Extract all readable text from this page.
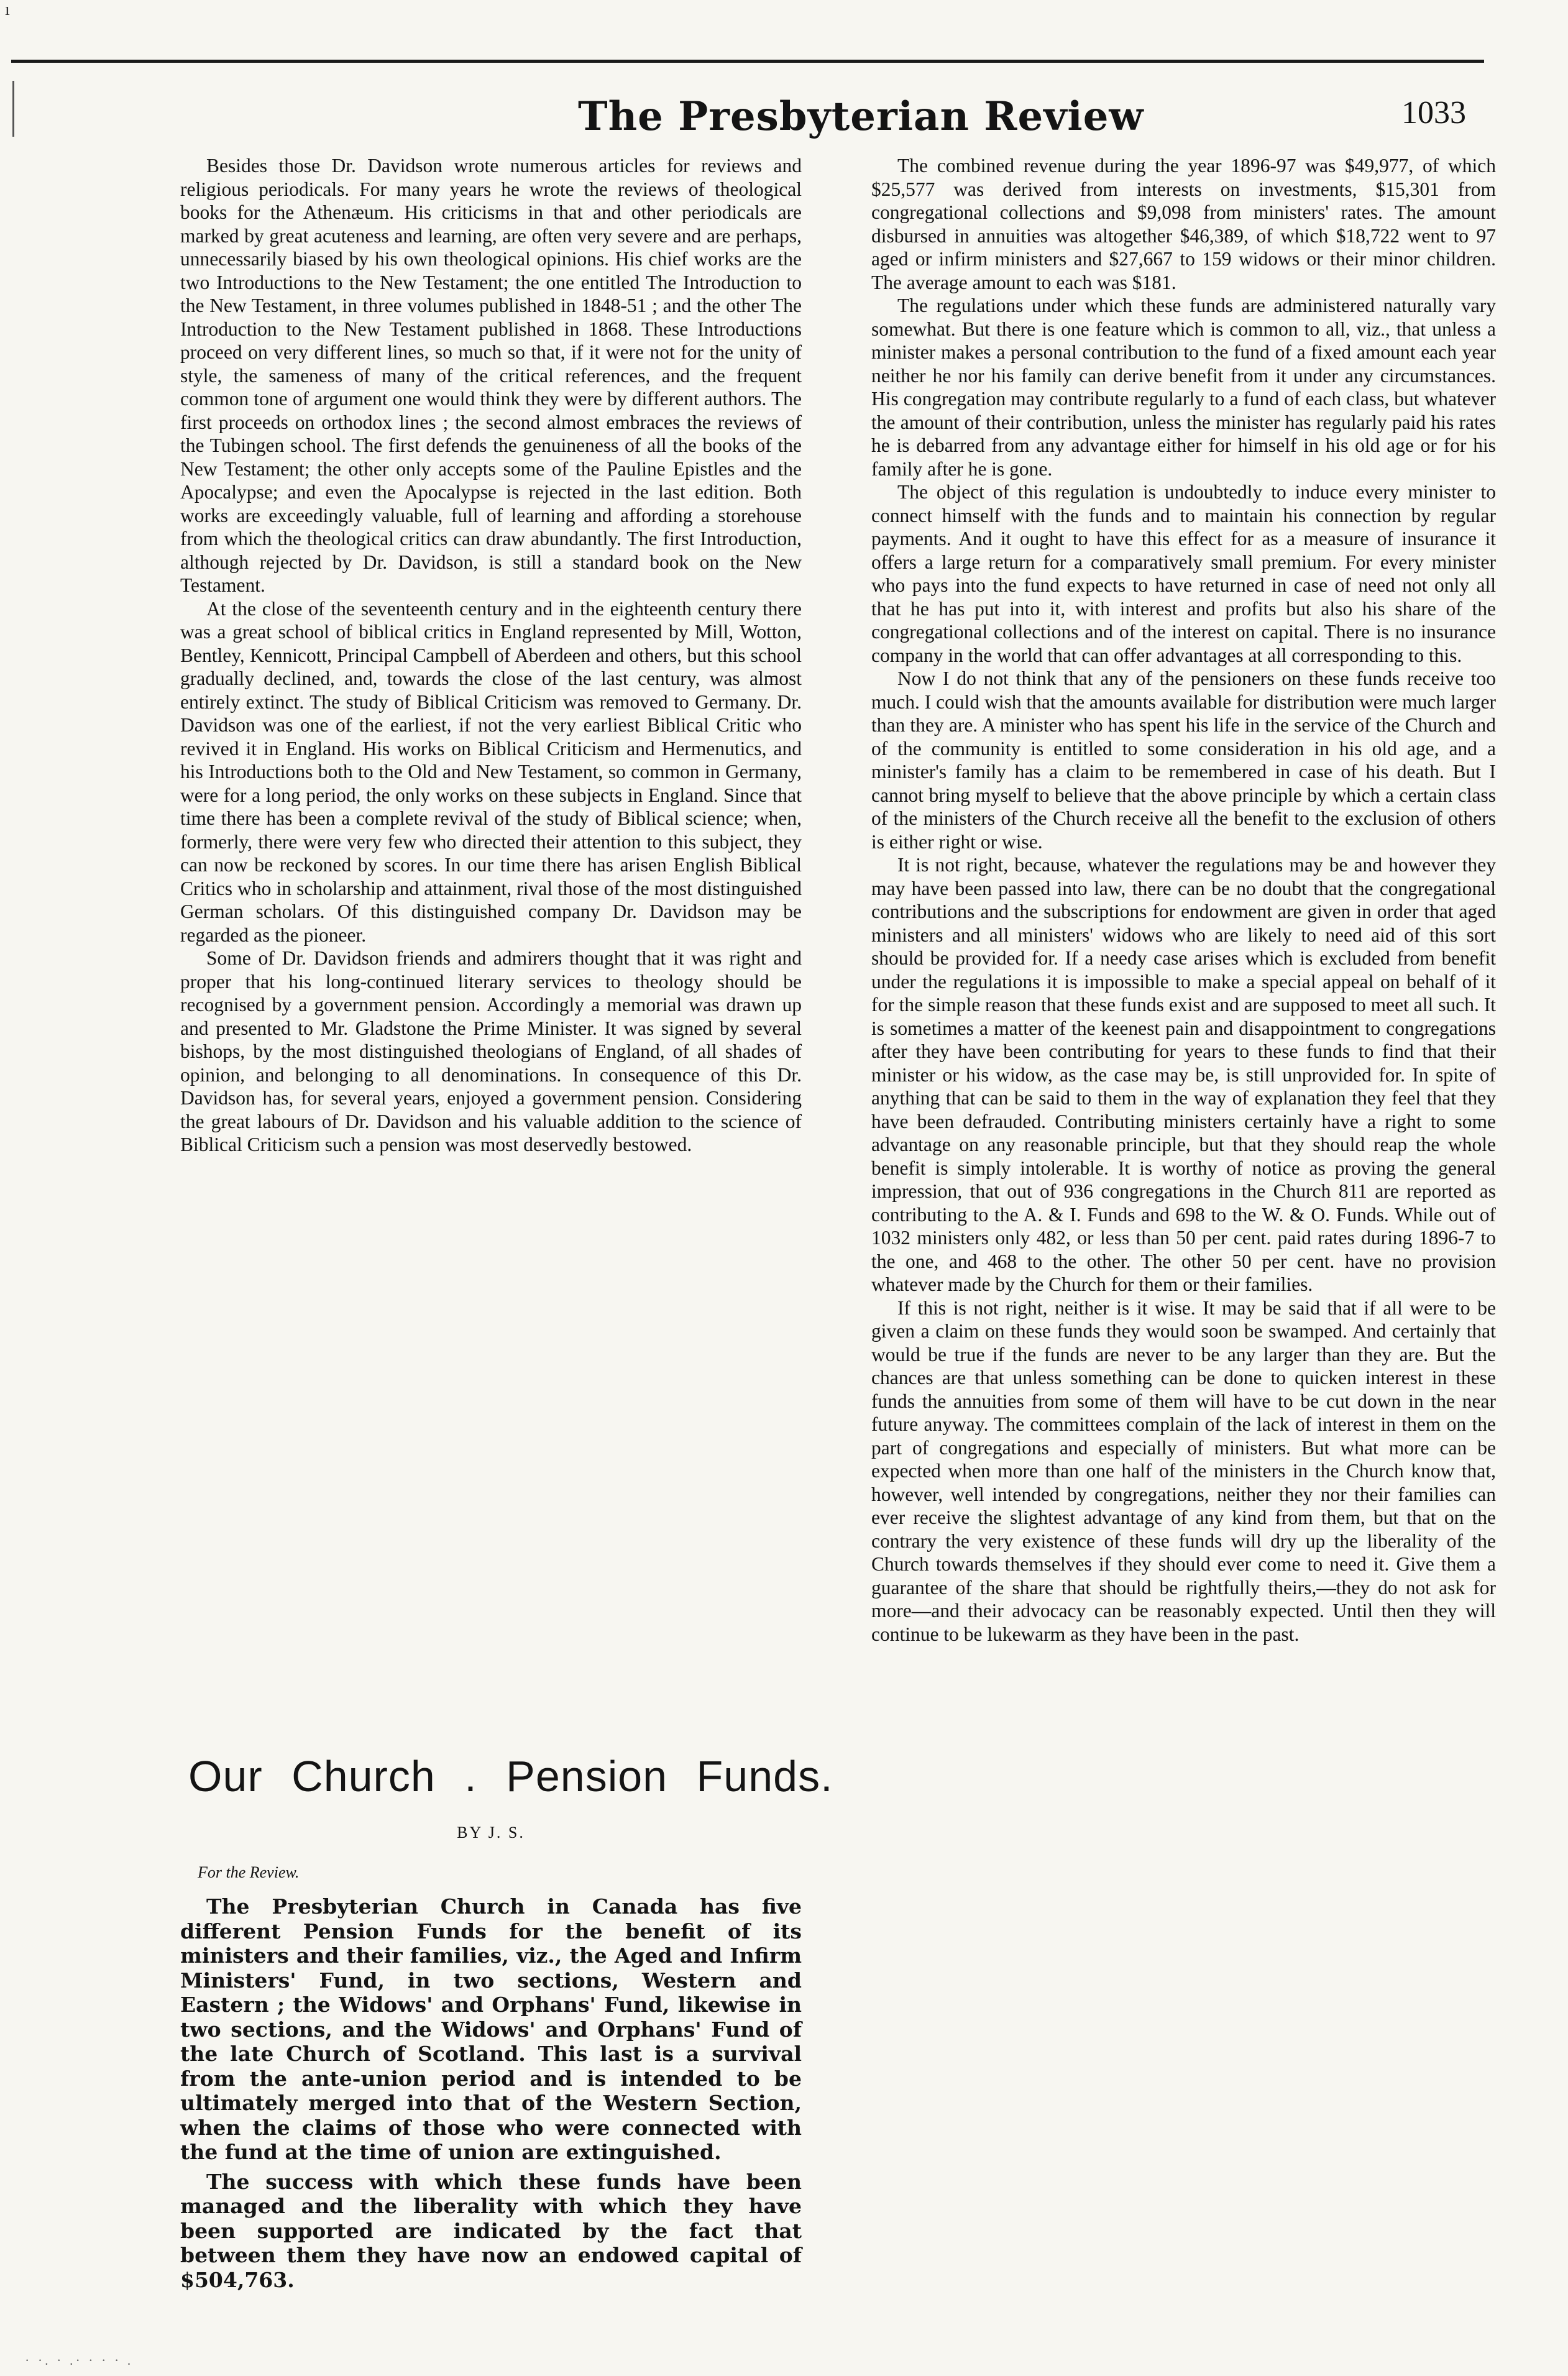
ı
The Presbyterian Review	1033

Besides those Dr. Davidson wrote numerous articles for reviews and religious periodicals. For many years he wrote the reviews of theological books for the Athenæum. His criticisms in that and other periodicals are marked by great acuteness and learning, are often very severe and are perhaps, unnecessarily biased by his own theological opinions. His chief works are the two Introductions to the New Testament; the one entitled The Introduction to the New Testament, in three volumes published in 1848-51 ; and the other The Introduction to the New Testament published in 1868. These Introductions proceed on very different lines, so much so that, if it were not for the unity of style, the sameness of many of the critical references, and the frequent common tone of argument one would think they were by different authors. The first proceeds on orthodox lines ; the second almost embraces the reviews of the Tubingen school. The first defends the genuineness of all the books of the New Testament; the other only accepts some of the Pauline Epistles and the Apocalypse; and even the Apocalypse is rejected in the last edition. Both works are exceedingly valuable, full of learning and affording a storehouse from which the theological critics can draw abundantly. The first Introduction, although rejected by Dr. Davidson, is still a standard book on the New Testament.

At the close of the seventeenth century and in the eighteenth century there was a great school of biblical critics in England represented by Mill, Wotton, Bentley, Kennicott, Principal Campbell of Aberdeen and others, but this school gradually declined, and, towards the close of the last century, was almost entirely extinct. The study of Biblical Criticism was removed to Germany. Dr. Davidson was one of the earliest, if not the very earliest Biblical Critic who revived it in England. His works on Biblical Criticism and Hermenutics, and his Introductions both to the Old and New Testament, so common in Germany, were for a long period, the only works on these subjects in England. Since that time there has been a complete revival of the study of Biblical science; when, formerly, there were very few who directed their attention to this subject, they can now be reckoned by scores. In our time there has arisen English Biblical Critics who in scholarship and attainment, rival those of the most distinguished German scholars. Of this distinguished company Dr. Davidson may be regarded as the pioneer.

Some of Dr. Davidson friends and admirers thought that it was right and proper that his long-continued literary services to theology should be recognised by a government pension. Accordingly a memorial was drawn up and presented to Mr. Gladstone the Prime Minister. It was signed by several bishops, by the most distinguished theologians of England, of all shades of opinion, and belonging to all denominations. In consequence of this Dr. Davidson has, for several years, enjoyed a government pension. Considering the great labours of Dr. Davidson and his valuable addition to the science of Biblical Criticism such a pension was most deservedly bestowed.

Our Church . Pension Funds.
BY J. S.
For the Review.

The Presbyterian Church in Canada has five different Pension Funds for the benefit of its ministers and their families, viz., the Aged and Infirm Ministers' Fund, in two sections, Western and Eastern ; the Widows' and Orphans' Fund, likewise in two sections, and the Widows' and Orphans' Fund of the late Church of Scotland. This last is a survival from the ante-union period and is intended to be ultimately merged into that of the Western Section, when the claims of those who were connected with the fund at the time of union are extinguished.

The success with which these funds have been managed and the liberality with which they have been supported are indicated by the fact that between them they have now an endowed capital of $504,763.

The combined revenue during the year 1896-97 was $49,977, of which $25,577 was derived from interests on investments, $15,301 from congregational collections and $9,098 from ministers' rates. The amount disbursed in annuities was altogether $46,389, of which $18,722 went to 97 aged or infirm ministers and $27,667 to 159 widows or their minor children. The average amount to each was $181.

The regulations under which these funds are administered naturally vary somewhat. But there is one feature which is common to all, viz., that unless a minister makes a personal contribution to the fund of a fixed amount each year neither he nor his family can derive benefit from it under any circumstances. His congregation may contribute regularly to a fund of each class, but whatever the amount of their contribution, unless the minister has regularly paid his rates he is debarred from any advantage either for himself in his old age or for his family after he is gone.

The object of this regulation is undoubtedly to induce every minister to connect himself with the funds and to maintain his connection by regular payments. And it ought to have this effect for as a measure of insurance it offers a large return for a comparatively small premium. For every minister who pays into the fund expects to have returned in case of need not only all that he has put into it, with interest and profits but also his share of the congregational collections and of the interest on capital. There is no insurance company in the world that can offer advantages at all corresponding to this.

Now I do not think that any of the pensioners on these funds receive too much. I could wish that the amounts available for distribution were much larger than they are. A minister who has spent his life in the service of the Church and of the community is entitled to some consideration in his old age, and a minister's family has a claim to be remembered in case of his death. But I cannot bring myself to believe that the above principle by which a certain class of the ministers of the Church receive all the benefit to the exclusion of others is either right or wise.

It is not right, because, whatever the regulations may be and however they may have been passed into law, there can be no doubt that the congregational contributions and the subscriptions for endowment are given in order that aged ministers and all ministers' widows who are likely to need aid of this sort should be provided for. If a needy case arises which is excluded from benefit under the regulations it is impossible to make a special appeal on behalf of it for the simple reason that these funds exist and are supposed to meet all such. It is sometimes a matter of the keenest pain and disappointment to congregations after they have been contributing for years to these funds to find that their minister or his widow, as the case may be, is still unprovided for. In spite of anything that can be said to them in the way of explanation they feel that they have been defrauded. Contributing ministers certainly have a right to some advantage on any reasonable principle, but that they should reap the whole benefit is simply intolerable. It is worthy of notice as proving the general impression, that out of 936 congregations in the Church 811 are reported as contributing to the A. & I. Funds and 698 to the W. & O. Funds. While out of 1032 ministers only 482, or less than 50 per cent. paid rates during 1896-7 to the one, and 468 to the other. The other 50 per cent. have no provision whatever made by the Church for them or their families.

If this is not right, neither is it wise. It may be said that if all were to be given a claim on these funds they would soon be swamped. And certainly that would be true if the funds are never to be any larger than they are. But the chances are that unless something can be done to quicken interest in these funds the annuities from some of them will have to be cut down in the near future anyway. The committees complain of the lack of interest in them on the part of congregations and especially of ministers. But what more can be expected when more than one half of the ministers in the Church know that, however, well intended by congregations, neither they nor their families can ever receive the slightest advantage of any kind from them, but that on the contrary the very existence of these funds will dry up the liberality of the Church towards themselves if they should ever come to need it. Give them a guarantee of the share that should be rightfully theirs,—they do not ask for more—and their advocacy can be reasonably expected. Until then they will continue to be lukewarm as they have been in the past.

· ·. · .· · · · .
